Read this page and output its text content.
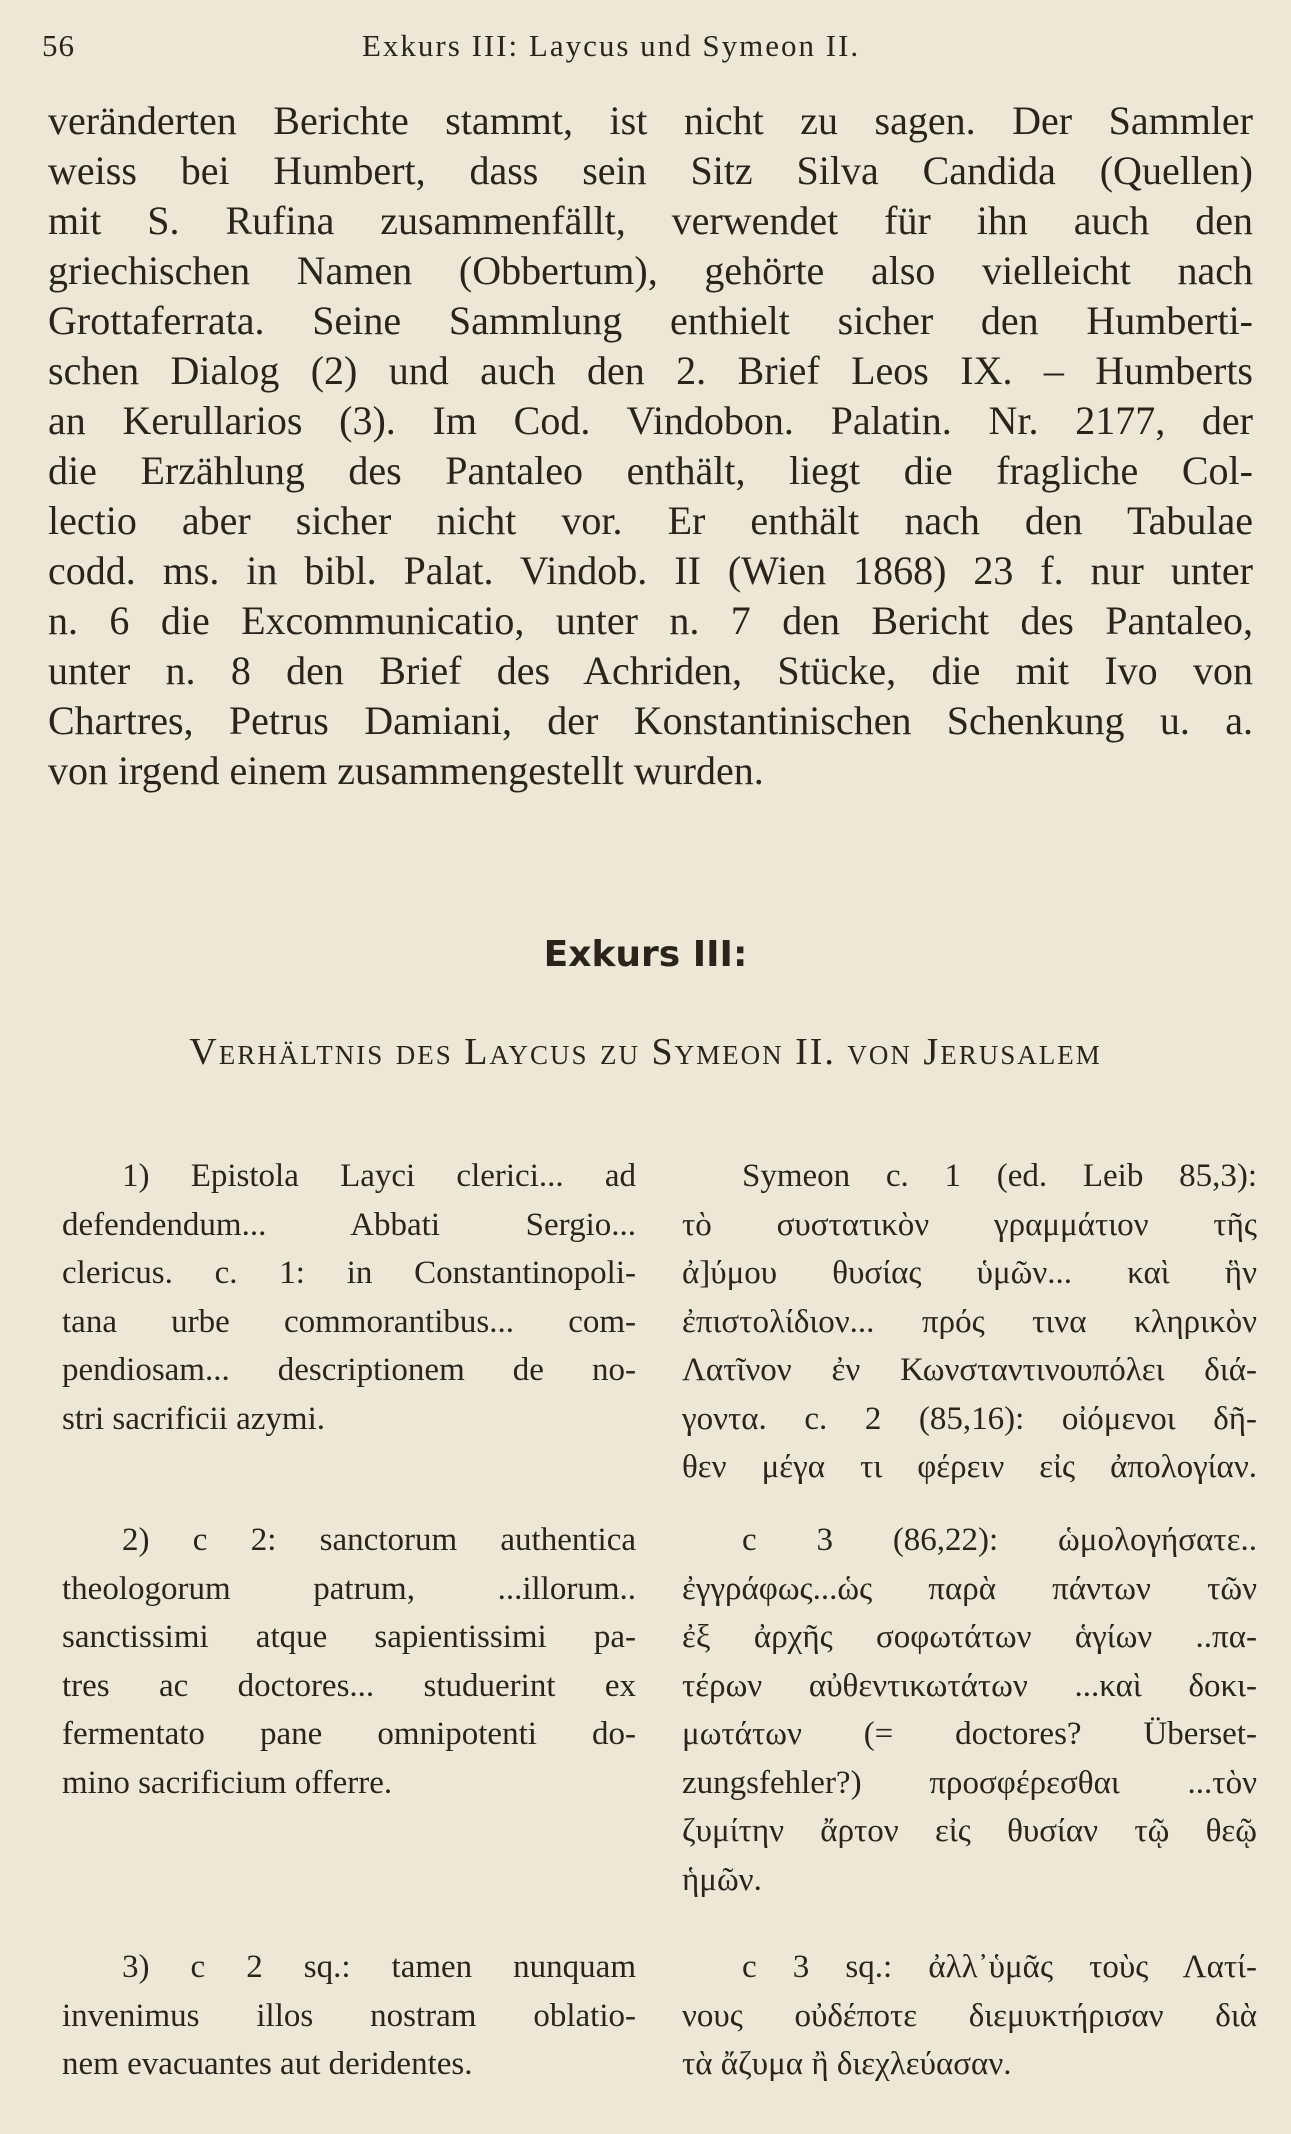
56	Exkurs III: Laycus und Symeon II.
veränderten Berichte stammt, ist nicht zu sagen. Der Sammler
weiss bei Humbert, dass sein Sitz Silva Candida (Quellen)
mit S. Rufina zusammenfällt, verwendet für ihn auch den
griechischen Namen (Obbertum), gehörte also vielleicht nach
Grottaferrata. Seine Sammlung enthielt sicher den Humberti-
schen Dialog (2) und auch den 2. Brief Leos IX. – Humberts
an Kerullarios (3). Im Cod. Vindobon. Palatin. Nr. 2177, der
die Erzählung des Pantaleo enthält, liegt die fragliche Col-
lectio aber sicher nicht vor. Er enthält nach den Tabulae
codd. ms. in bibl. Palat. Vindob. II (Wien 1868) 23 f. nur unter
n. 6 die Excommunicatio, unter n. 7 den Bericht des Pantaleo,
unter n. 8 den Brief des Achriden, Stücke, die mit Ivo von
Chartres, Petrus Damiani, der Konstantinischen Schenkung u. a.
von irgend einem zusammengestellt wurden.
Exkurs III:
Verhältnis des Laycus zu Symeon II. von Jerusalem
1) Epistola Layci clerici... ad
defendendum... Abbati Sergio...
clericus. c. 1: in Constantinopoli-
tana urbe commorantibus... com-
pendiosam... descriptionem de no-
stri sacrificii azymi.
2) c 2: sanctorum authentica
theologorum patrum, ...illorum..
sanctissimi atque sapientissimi pa-
tres ac doctores... studuerint ex
fermentato pane omnipotenti do-
mino sacrificium offerre.
3) c 2 sq.: tamen nunquam
invenimus illos nostram oblatio-
nem evacuantes aut deridentes.
Symeon c. 1 (ed. Leib 85,3):
τὸ συστατικὸν γραμμάτιον τῆς
ἀ]ύμου θυσίας ὑμῶν... καὶ ἣν
ἐπιστολίδιον... πρός τινα κληρικὸν
Λατῖνον ἐν Κωνσταντινουπόλει διά-
γοντα. c. 2 (85,16): οἰόμενοι δῆ-
θεν μέγα τι φέρειν εἰς ἀπολογίαν.
c 3 (86,22): ὡμολογήσατε..
ἐγγράφως...ὡς παρὰ πάντων τῶν
ἐξ ἀρχῆς σοφωτάτων ἁγίων ..πα-
τέρων αὐθεντικωτάτων ...καὶ δοκι-
μωτάτων (= doctores? Überset-
zungsfehler?) προσφέρεσθαι ...τὸν
ζυμίτην ἄρτον εἰς θυσίαν τῷ θεῷ
ἡμῶν.
c 3 sq.: ἀλλ᾿ὑμᾶς τοὺς Λατί-
νους οὐδέποτε διεμυκτήρισαν διὰ
τὰ ἄζυμα ἢ διεχλεύασαν.
